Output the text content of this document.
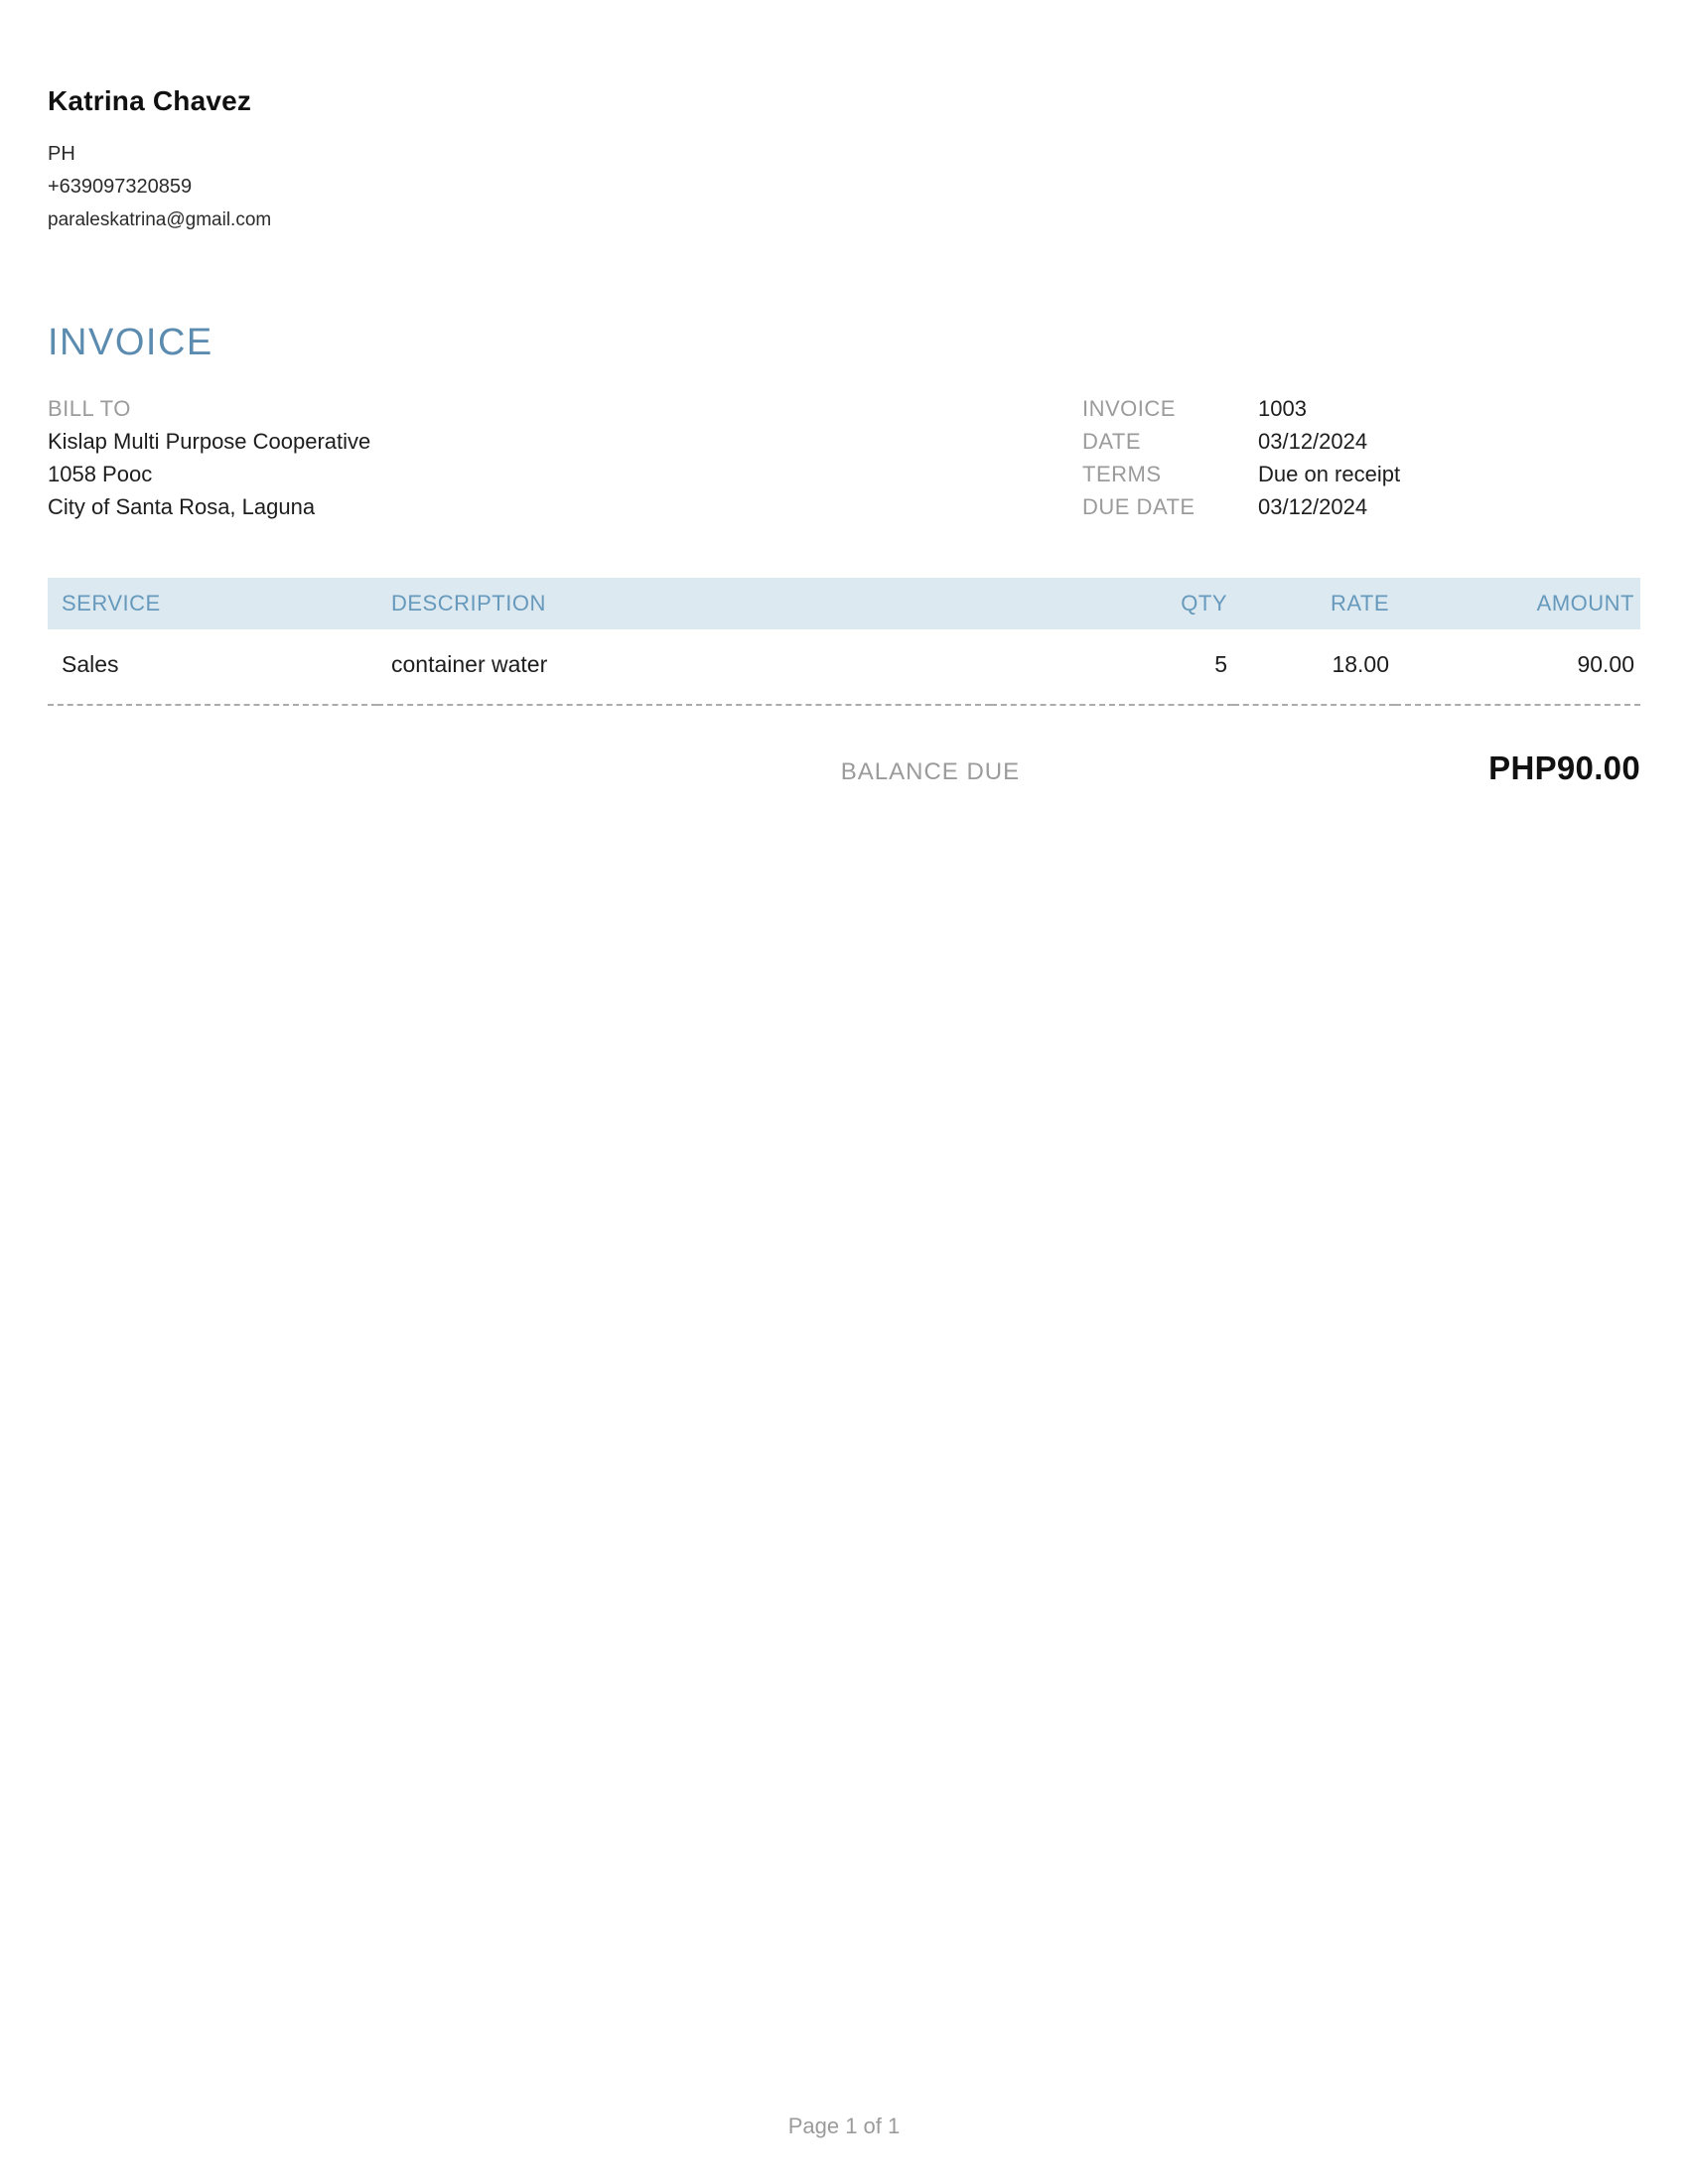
Katrina Chavez
PH
+639097320859
paraleskatrina@gmail.com
INVOICE
BILL TO
Kislap Multi Purpose Cooperative
1058 Pooc
City of Santa Rosa, Laguna
INVOICE	1003
DATE	03/12/2024
TERMS	Due on receipt
DUE DATE	03/12/2024
SERVICE	DESCRIPTION	QTY	RATE	AMOUNT
Sales	container water	5	18.00	90.00
BALANCE DUE	PHP90.00
Page 1 of 1
